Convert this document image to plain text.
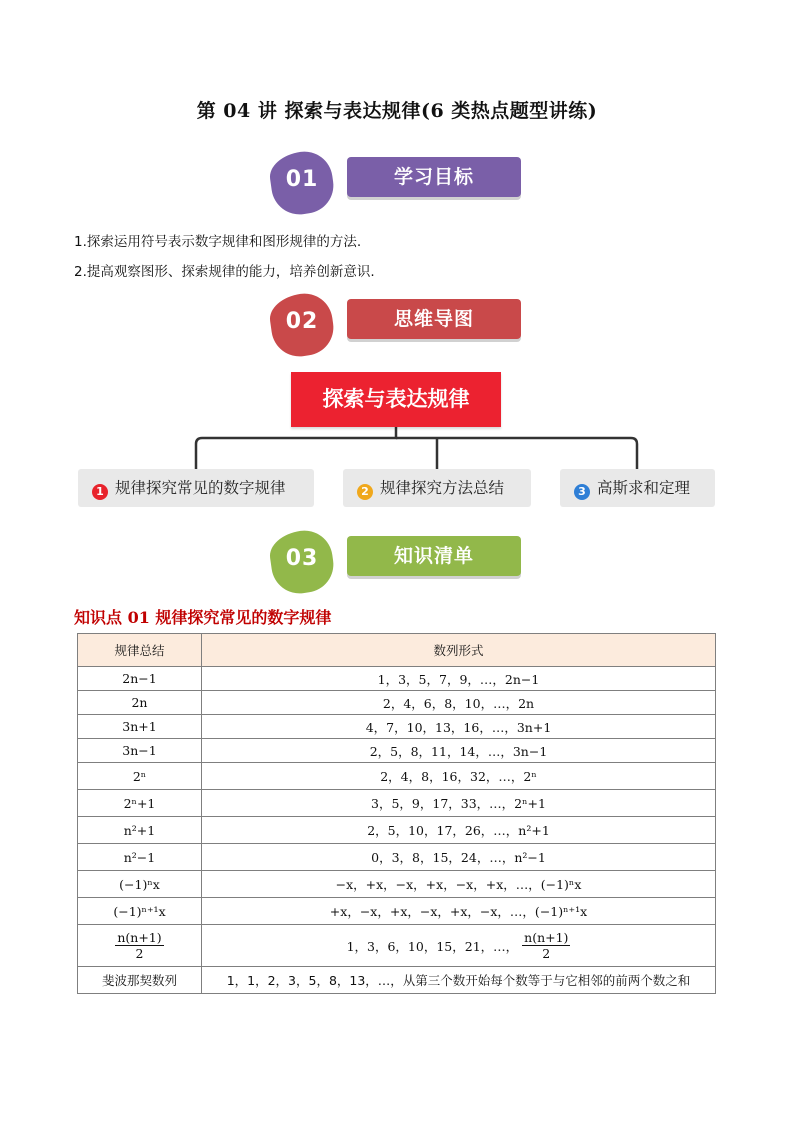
第 04 讲 探索与表达规律(6 类热点题型讲练)
01	学习目标
1.探索运用符号表示数字规律和图形规律的方法.
2.提高观察图形、探索规律的能力，培养创新意识.
02	思维导图
探索与表达规律
1 规律探究常见的数字规律	2 规律探究方法总结	3 高斯求和定理
03	知识清单
知识点 01 规律探究常见的数字规律
规律总结	数列形式
2n−1	1，3，5，7，9，…，2n−1
2n	2，4，6，8，10，…，2n
3n+1	4，7，10，13，16，…，3n+1
3n−1	2，5，8，11，14，…，3n−1
2ⁿ	2，4，8，16，32，…，2ⁿ
2ⁿ+1	3，5，9，17，33，…，2ⁿ+1
n²+1	2，5，10，17，26，…，n²+1
n²−1	0，3，8，15，24，…，n²−1
(−1)ⁿx	−x，+x，−x，+x，−x，+x，…，(−1)ⁿx
(−1)ⁿ⁺¹x	+x，−x，+x，−x，+x，−x，…，(−1)ⁿ⁺¹x

$\frac{n(n+1)}{2}$	1，3，6，10，15，21，…， $\frac{n(n+1)}{2}$

斐波那契数列	1，1，2，3，5，8，13，…，从第三个数开始每个数等于与它相邻的前两个数之和
